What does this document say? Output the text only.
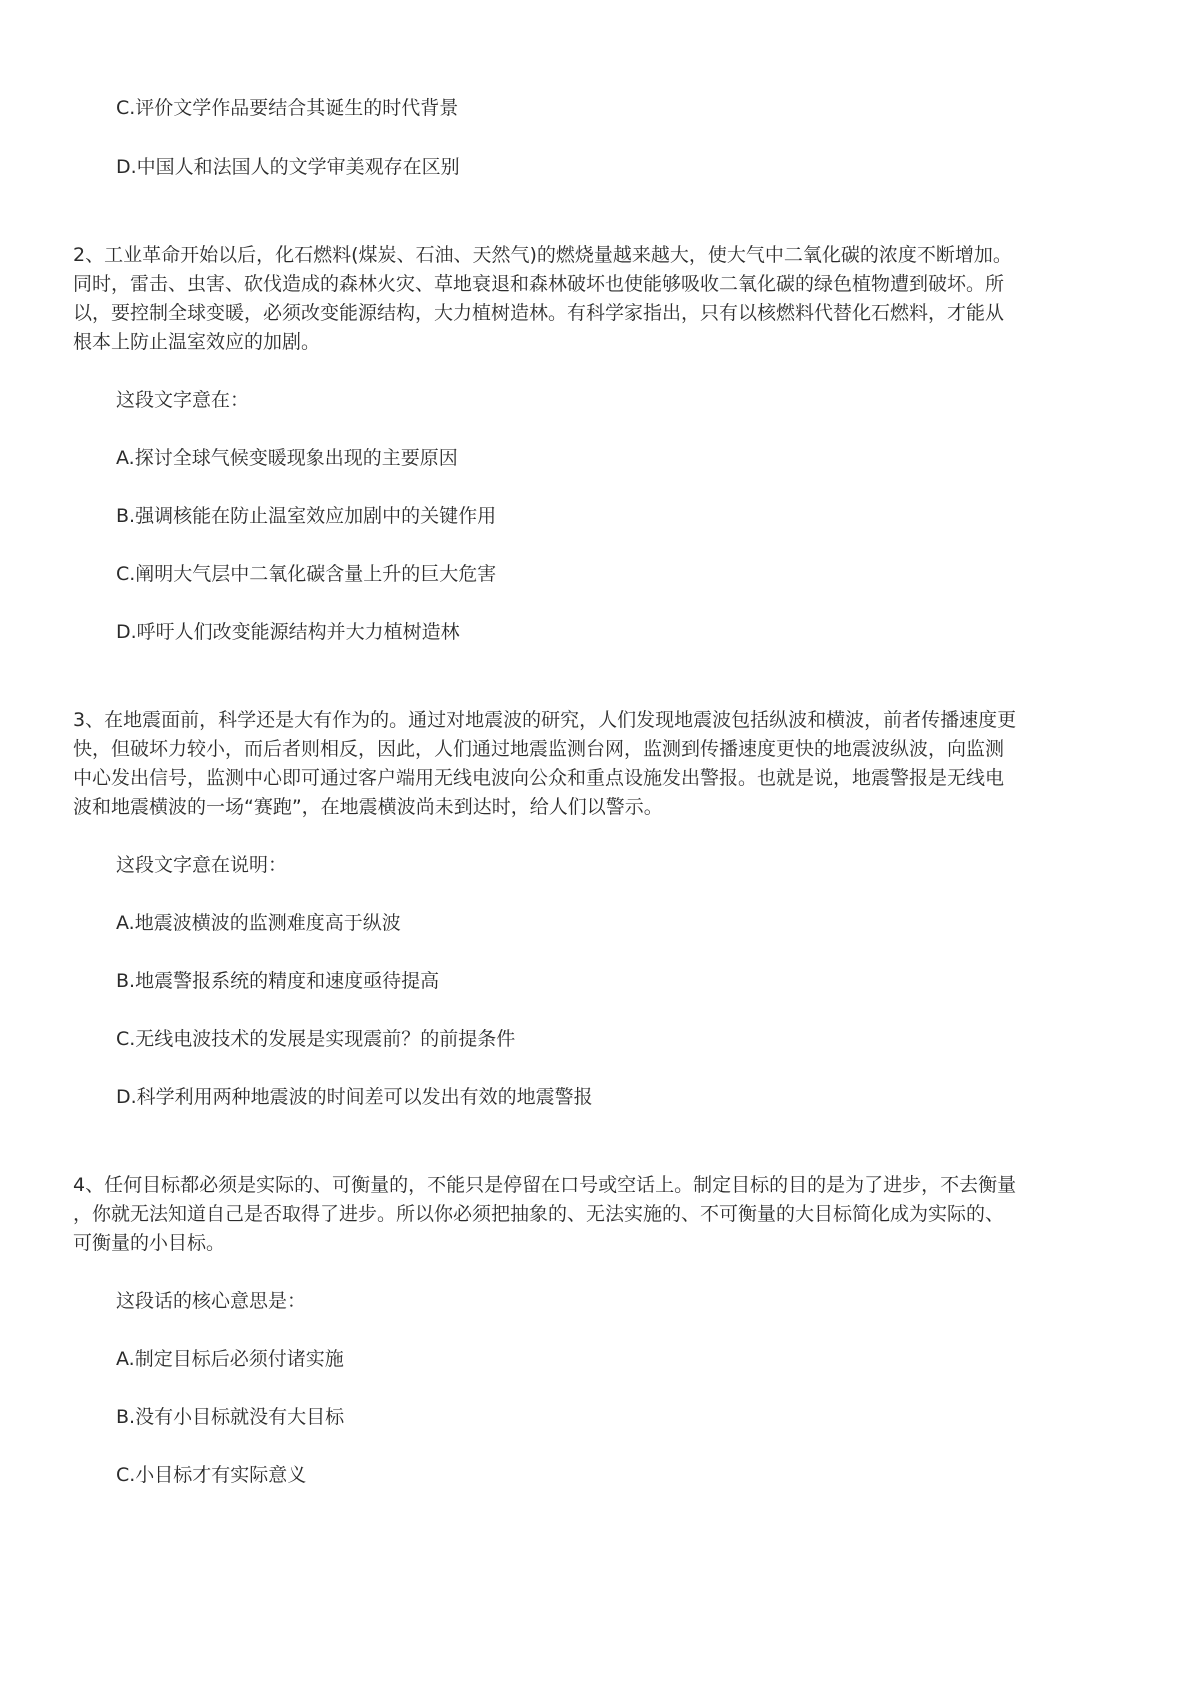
C.评价文学作品要结合其诞生的时代背景
D.中国人和法国人的文学审美观存在区别
2、工业革命开始以后，化石燃料(煤炭、石油、天然气)的燃烧量越来越大，使大气中二氧化碳的浓度不断增加。
同时，雷击、虫害、砍伐造成的森林火灾、草地衰退和森林破坏也使能够吸收二氧化碳的绿色植物遭到破坏。所
以，要控制全球变暖，必须改变能源结构，大力植树造林。有科学家指出，只有以核燃料代替化石燃料，才能从
根本上防止温室效应的加剧。
这段文字意在：
A.探讨全球气候变暖现象出现的主要原因
B.强调核能在防止温室效应加剧中的关键作用
C.阐明大气层中二氧化碳含量上升的巨大危害
D.呼吁人们改变能源结构并大力植树造林
3、在地震面前，科学还是大有作为的。通过对地震波的研究，人们发现地震波包括纵波和横波，前者传播速度更
快，但破坏力较小，而后者则相反，因此，人们通过地震监测台网，监测到传播速度更快的地震波纵波，向监测
中心发出信号，监测中心即可通过客户端用无线电波向公众和重点设施发出警报。也就是说，地震警报是无线电
波和地震横波的一场“赛跑”，在地震横波尚未到达时，给人们以警示。
这段文字意在说明：
A.地震波横波的监测难度高于纵波
B.地震警报系统的精度和速度亟待提高
C.无线电波技术的发展是实现震前？的前提条件
D.科学利用两种地震波的时间差可以发出有效的地震警报
4、任何目标都必须是实际的、可衡量的，不能只是停留在口号或空话上。制定目标的目的是为了进步，不去衡量
，你就无法知道自己是否取得了进步。所以你必须把抽象的、无法实施的、不可衡量的大目标简化成为实际的、
可衡量的小目标。
这段话的核心意思是：
A.制定目标后必须付诸实施
B.没有小目标就没有大目标
C.小目标才有实际意义
